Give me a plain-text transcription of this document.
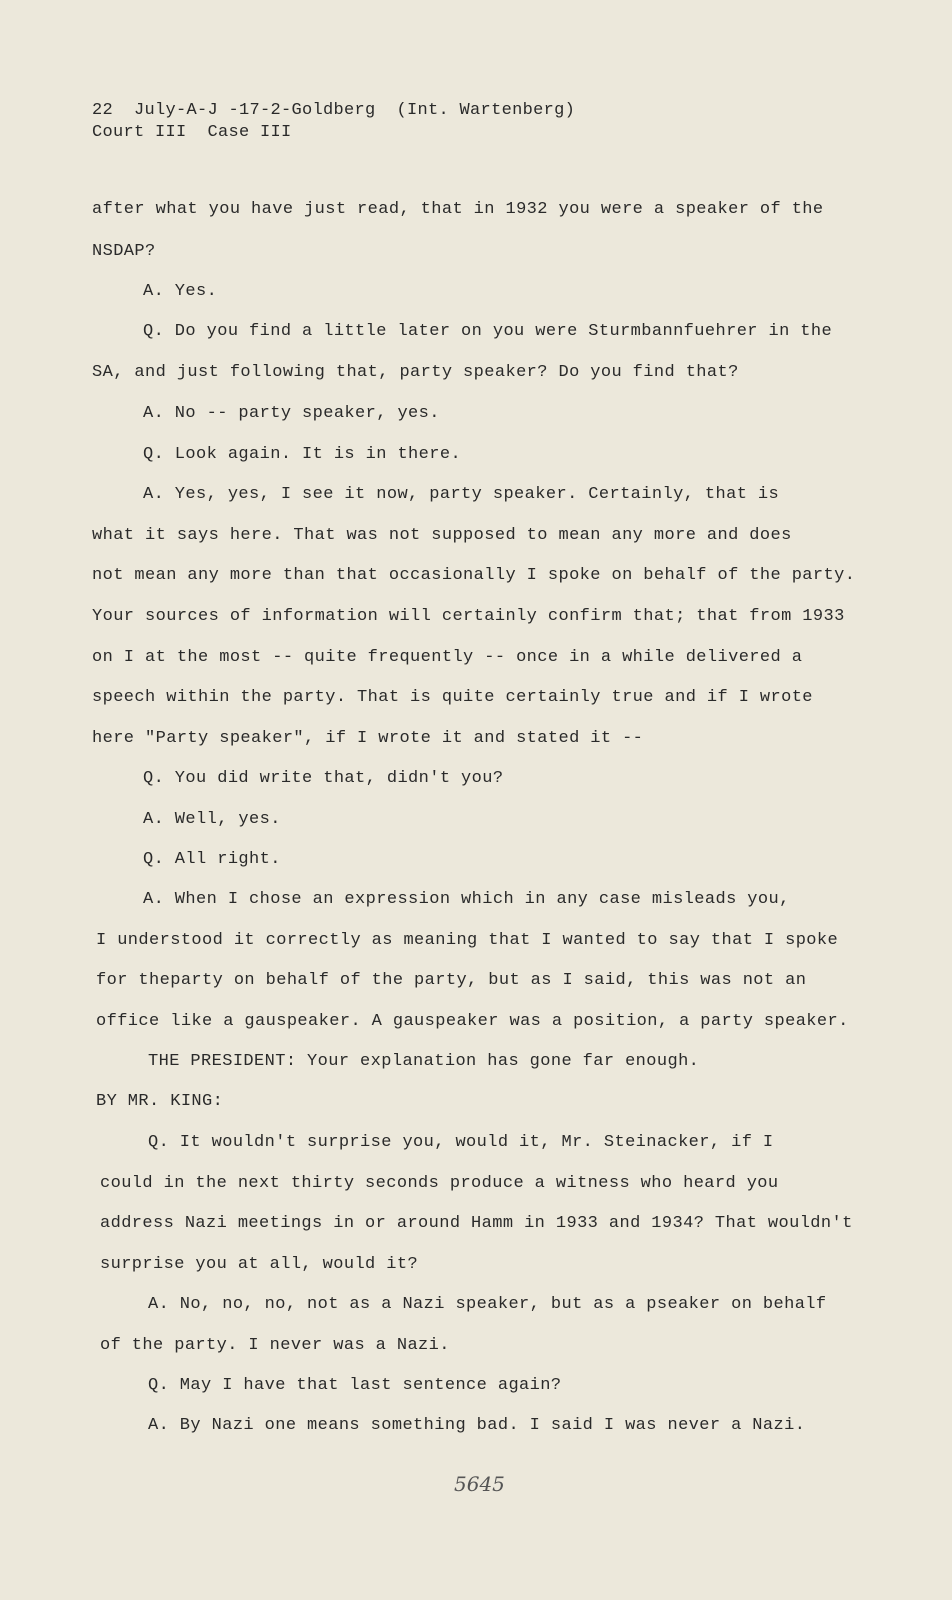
22  July-A-J -17-2-Goldberg  (Int. Wartenberg)
Court III  Case III
after what you have just read, that in 1932 you were a speaker of the
NSDAP?
A. Yes.
Q. Do you find a little later on you were Sturmbannfuehrer in the
SA, and just following that, party speaker? Do you find that?
A. No -- party speaker, yes.
Q. Look again. It is in there.
A. Yes, yes, I see it now, party speaker. Certainly, that is
what it says here. That was not supposed to mean any more and does
not mean any more than that occasionally I spoke on behalf of the party.
Your sources of information will certainly confirm that; that from 1933
on I at the most -- quite frequently -- once in a while delivered a
speech within the party. That is quite certainly true and if I wrote
here "Party speaker", if I wrote it and stated it --
Q. You did write that, didn't you?
A. Well, yes.
Q. All right.
A. When I chose an expression which in any case misleads you,
I understood it correctly as meaning that I wanted to say that I spoke
for theparty on behalf of the party, but as I said, this was not an
office like a gauspeaker. A gauspeaker was a position, a party speaker.
THE PRESIDENT: Your explanation has gone far enough.
BY MR. KING:
Q. It wouldn't surprise you, would it, Mr. Steinacker, if I
could in the next thirty seconds produce a witness who heard you
address Nazi meetings in or around Hamm in 1933 and 1934? That wouldn't
surprise you at all, would it?
A. No, no, no, not as a Nazi speaker, but as a pseaker on behalf
of the party. I never was a Nazi.
Q. May I have that last sentence again?
A. By Nazi one means something bad. I said I was never a Nazi.
5645
